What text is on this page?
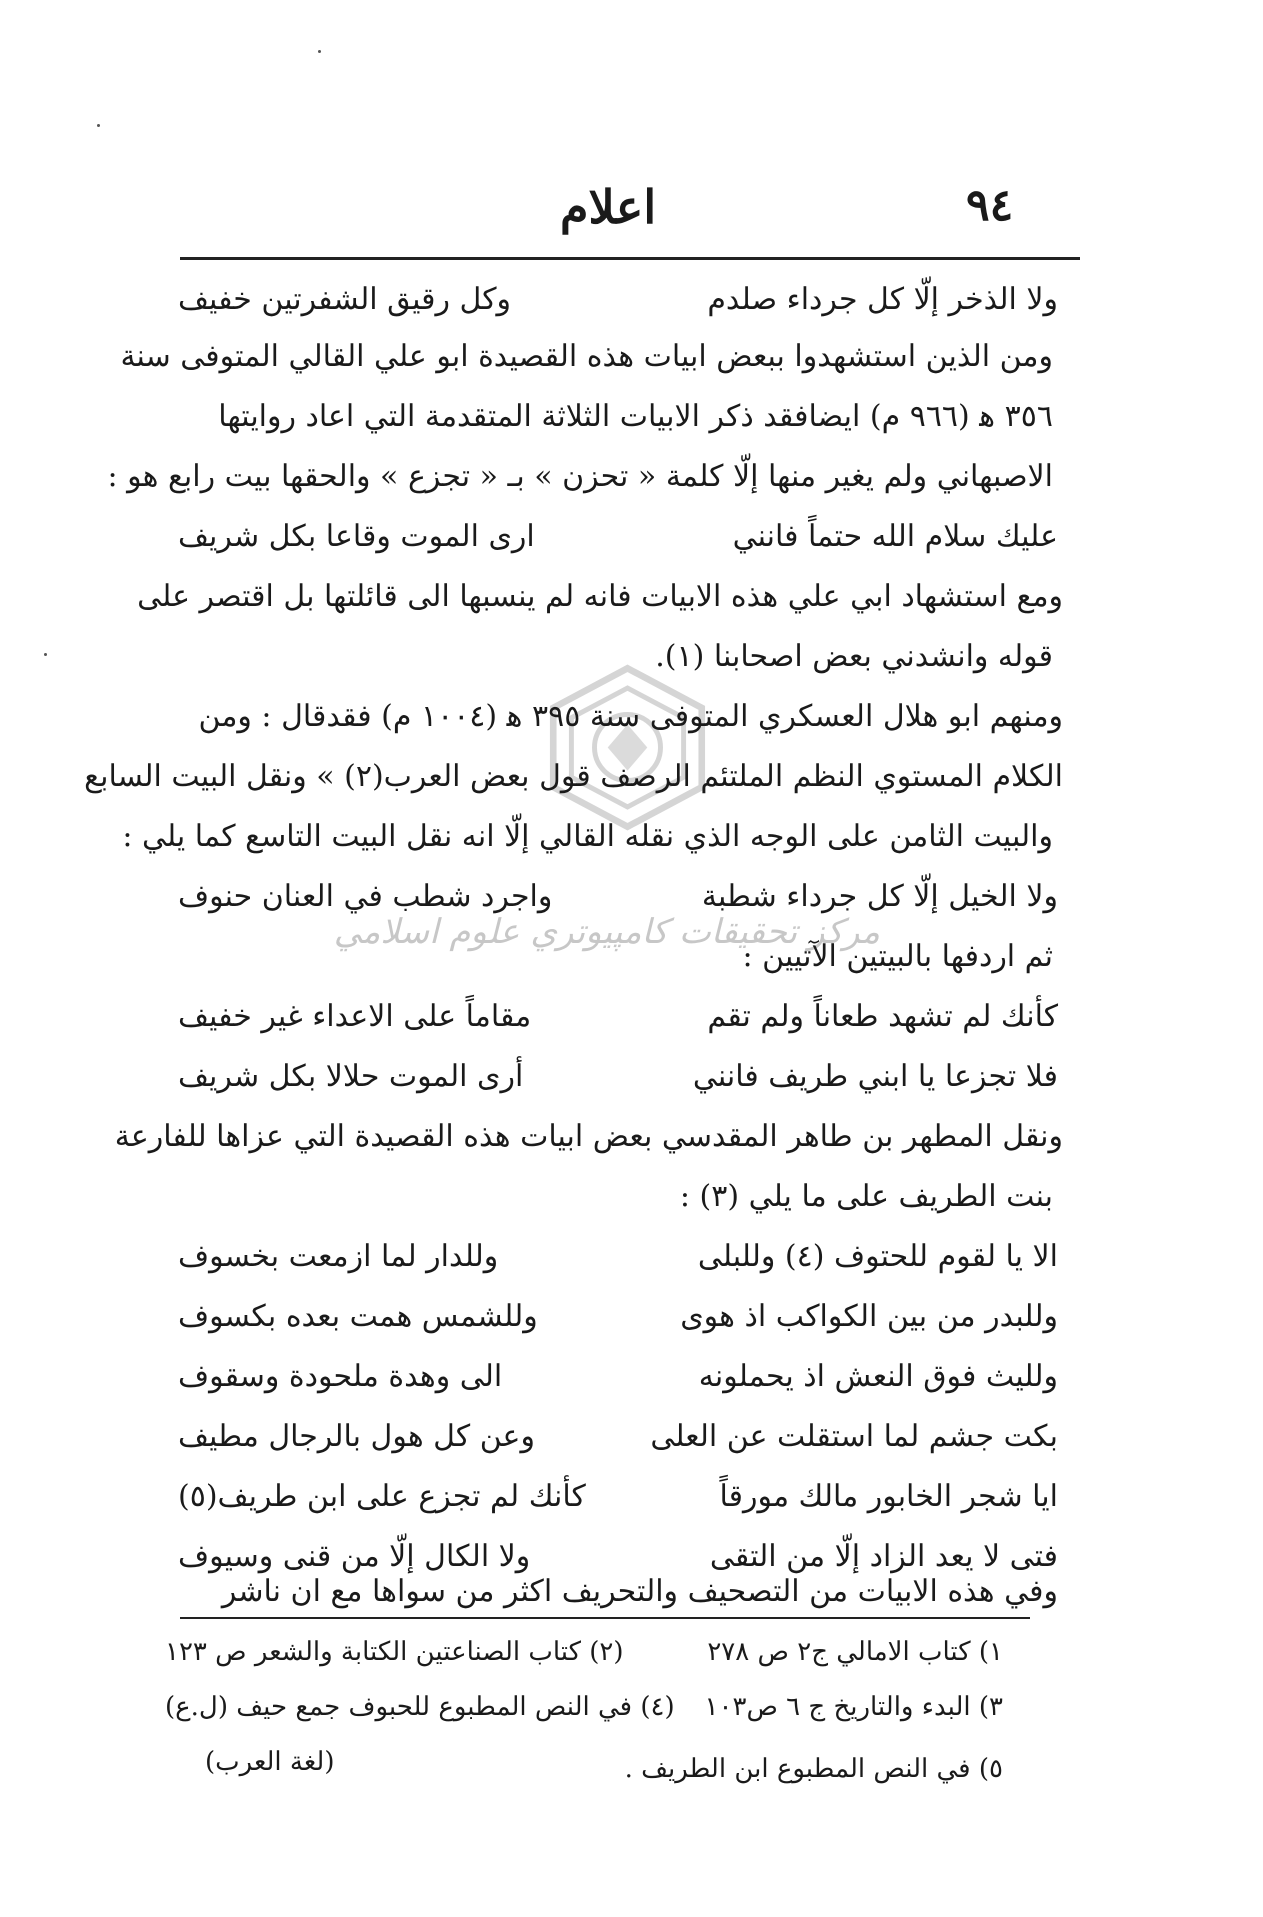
٩٤
اعلام
مركز تحقيقات كامپيوتري علوم اسلامي
ولا الذخر إلّا كل جرداء صلدم
وكل رقيق الشفرتين خفيف
ومن الذين استشهدوا ببعض ابيات هذه القصيدة ابو علي القالي المتوفى سنة
٣٥٦ ﻫ (٩٦٦ م) ايضافقد ذكر الابيات الثلاثة المتقدمة التي اعاد روايتها
الاصبهاني ولم يغير منها إلّا كلمة « تحزن » بـ « تجزع » والحقها بيت رابع هو :
عليك سلام الله حتماً فانني
ارى الموت وقاعا بكل شريف
ومع استشهاد ابي علي هذه الابيات فانه لم ينسبها الى قائلتها بل اقتصر على
قوله وانشدني بعض اصحابنا (١).
ومنهم ابو هلال العسكري المتوفى سنة ٣٩٥ ﻫ (١٠٠٤ م) فقدقال : ومن
الكلام المستوي النظم الملتئم الرصف قول بعض العرب(٢) » ونقل البيت السابع
والبيت الثامن على الوجه الذي نقله القالي إلّا انه نقل البيت التاسع كما يلي :
ولا الخيل إلّا كل جرداء شطبة
واجرد شطب في العنان حنوف
ثم اردفها بالبيتين الآتيين :
كأنك لم تشهد طعاناً ولم تقم
مقاماً على الاعداء غير خفيف
فلا تجزعا يا ابني طريف فانني
أرى الموت حلالا بكل شريف
ونقل المطهر بن طاهر المقدسي بعض ابيات هذه القصيدة التي عزاها للفارعة
بنت الطريف على ما يلي (٣) :
الا يا لقوم للحتوف (٤) وللبلى
وللدار لما ازمعت بخسوف
وللبدر من بين الكواكب اذ هوى
وللشمس همت بعده بكسوف
ولليث فوق النعش اذ يحملونه
الى وهدة ملحودة وسقوف
بكت جشم لما استقلت عن العلى
وعن كل هول بالرجال مطيف
ايا شجر الخابور مالك مورقاً
كأنك لم تجزع على ابن طريف(٥)
فتى لا يعد الزاد إلّا من التقى
ولا الكال إلّا من قنى وسيوف
وفي هذه الابيات من التصحيف والتحريف اكثر من سواها مع ان ناشر
١) كتاب الامالي ج٢ ص ٢٧٨
(٢) كتاب الصناعتين الكتابة والشعر ص ١٢٣
٣) البدء والتاريخ ج ٦ ص١٠٣
(٤) في النص المطبوع للحبوف جمع حيف (ل.ع)
(لغة العرب)	٥) في النص المطبوع ابن الطريف .
